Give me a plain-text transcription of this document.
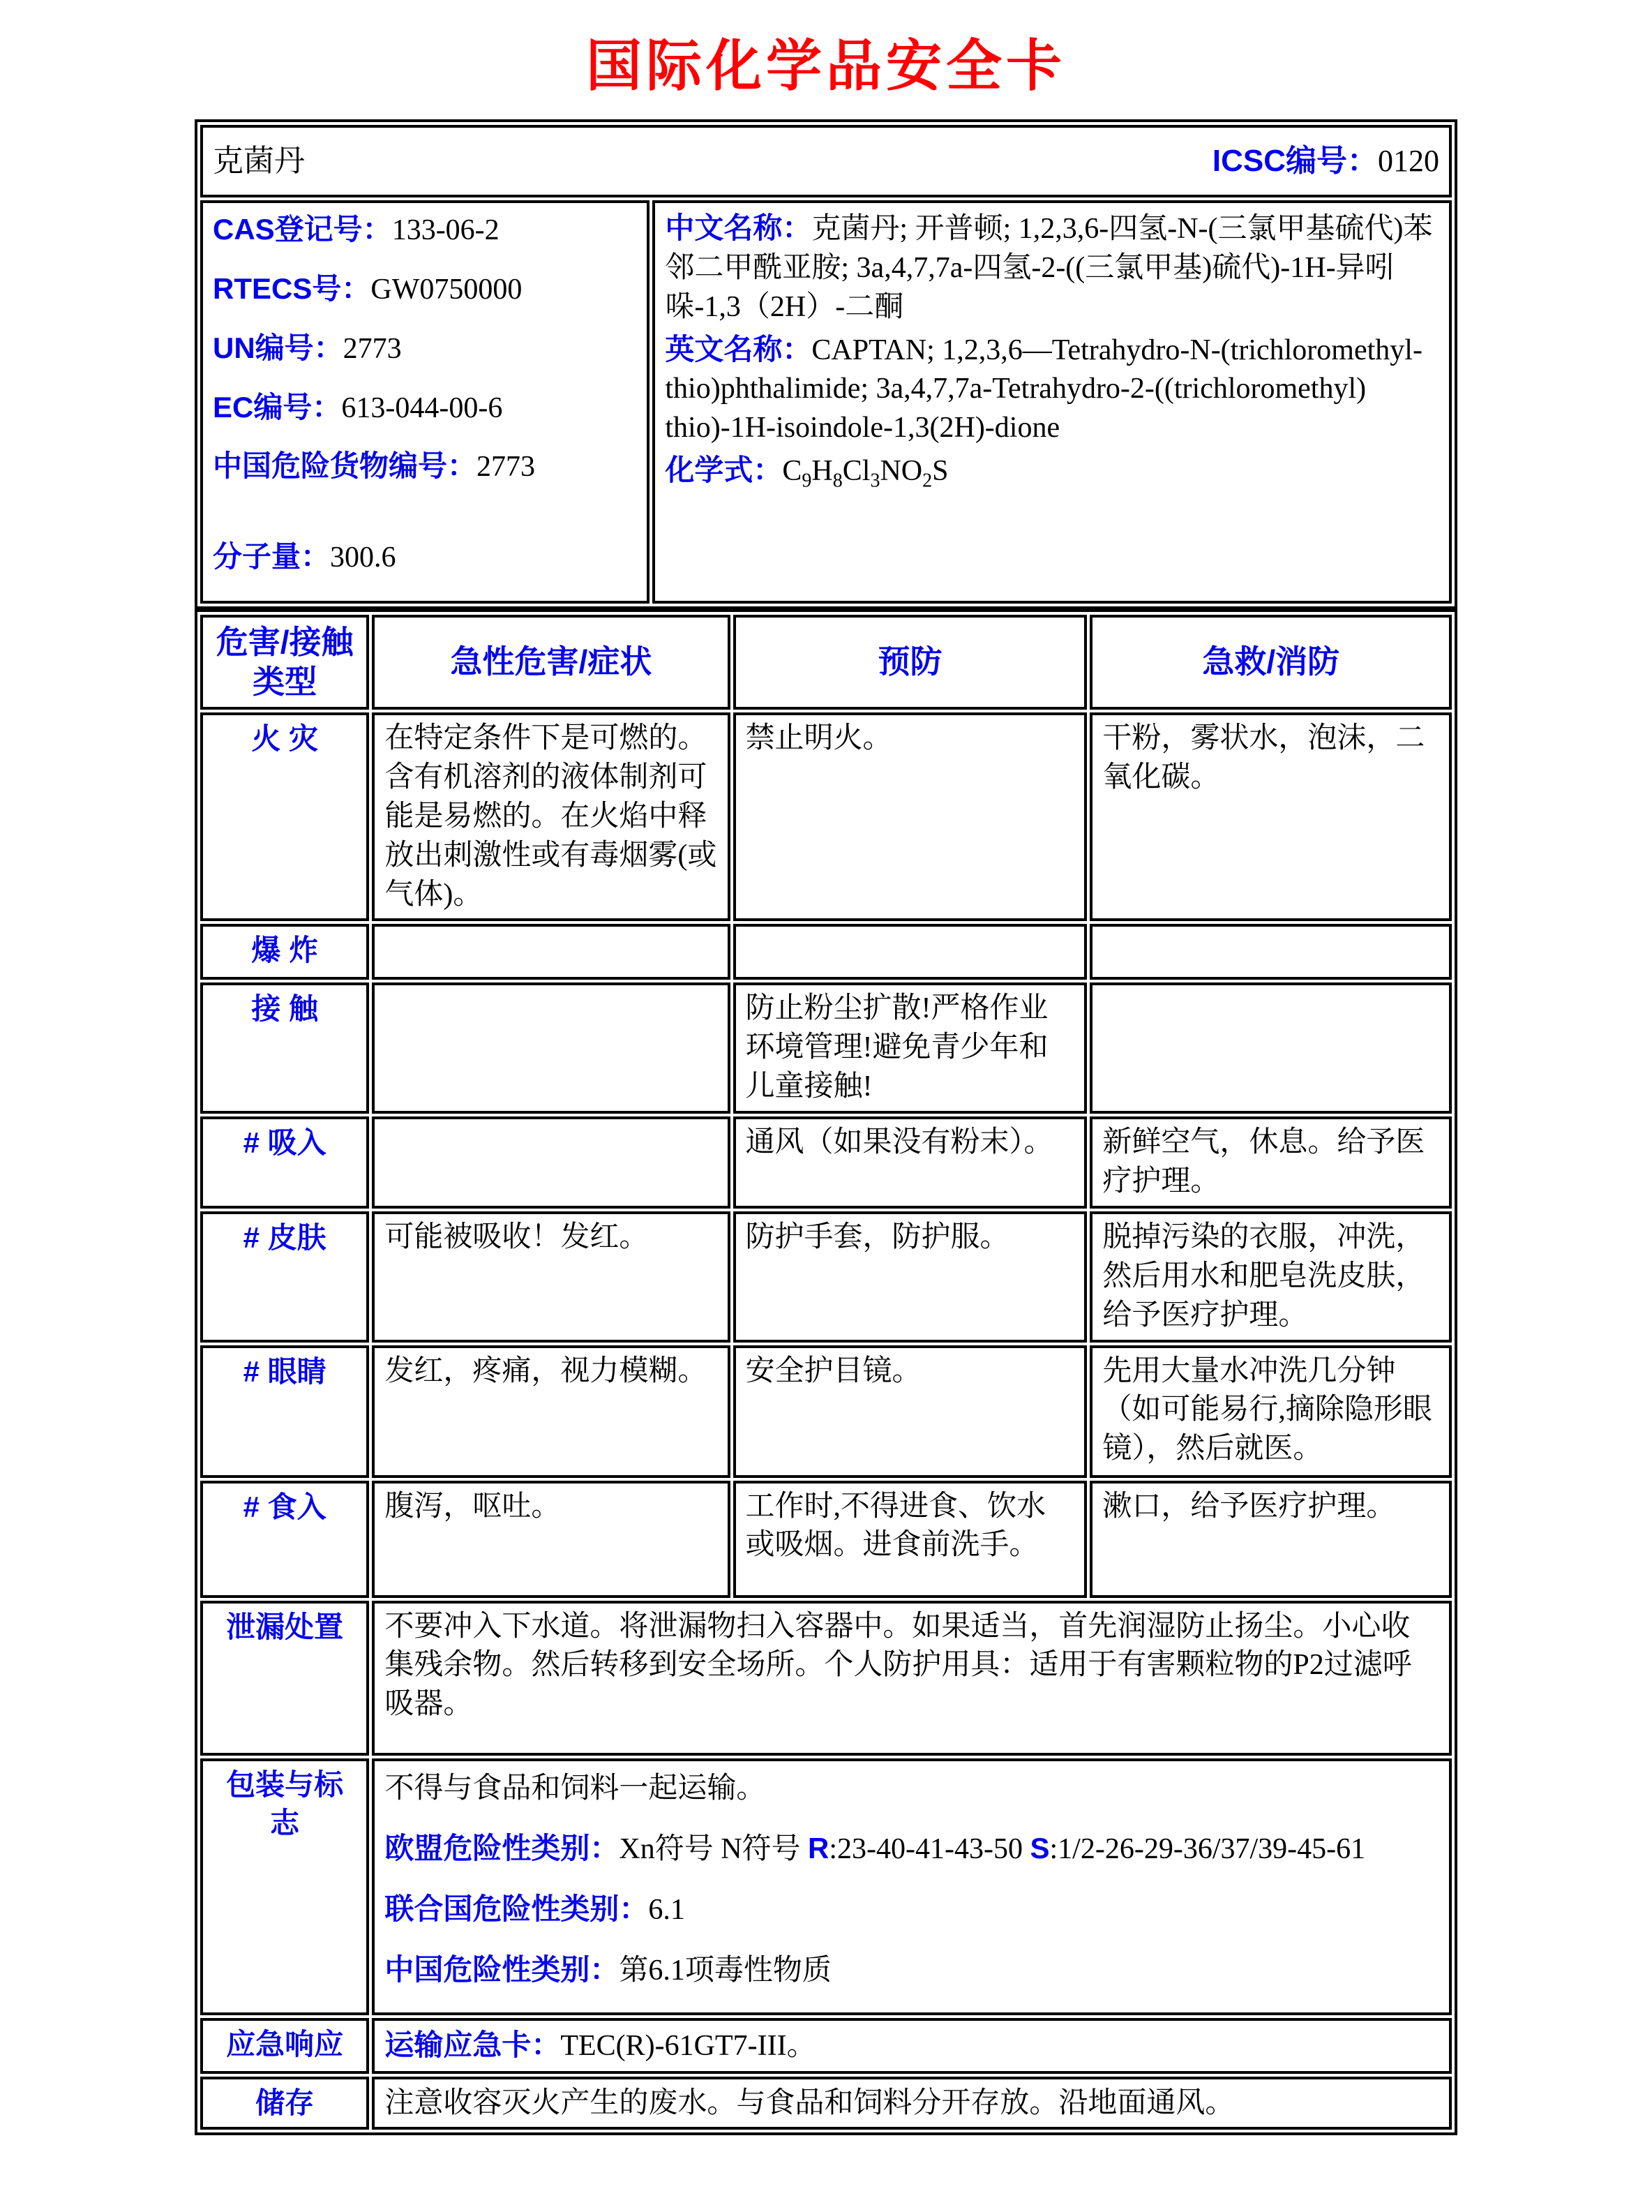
国际化学品安全卡
克菌丹	ICSC编号：0120

CAS登记号：133-06-2
RTECS号：GW0750000
UN编号：2773
EC编号：613-044-00-6
中国危险货物编号：2773
分子量：300.6

中文名称：克菌丹; 开普顿; 1,2,3,6-四氢-N-(三氯甲基硫代)苯邻二甲酰亚胺; 3a,4,7,7a-四氢-2-((三氯甲基)硫代)-1H-异吲哚-1,3（2H）-二酮

英文名称：CAPTAN; 1,2,3,6—Tetrahydro-N-(trichloromethyl- thio)phthalimide; 3a,4,7,7a-Tetrahydro-2-((trichloromethyl) thio)-1H-isoindole-1,3(2H)-dione

化学式：$C_9H_8Cl_3NO_2S$

危害/接触类型	急性危害/症状	预防	急救/消防
火 灾	在特定条件下是可燃的。含有机溶剂的液体制剂可能是易燃的。在火焰中释放出刺激性或有毒烟雾(或气体)。	禁止明火。	干粉，雾状水，泡沫，二氧化碳。
爆 炸			
接 触		防止粉尘扩散!严格作业环境管理!避免青少年和儿童接触!	
# 吸入		通风（如果没有粉末）。	新鲜空气，休息。给予医疗护理。
# 皮肤	可能被吸收！发红。	防护手套，防护服。	脱掉污染的衣服，冲洗，然后用水和肥皂洗皮肤，给予医疗护理。
# 眼睛	发红，疼痛，视力模糊。	安全护目镜。	先用大量水冲洗几分钟（如可能易行,摘除隐形眼镜），然后就医。
# 食入	腹泻，呕吐。	工作时,不得进食、饮水或吸烟。进食前洗手。	漱口，给予医疗护理。
泄漏处置	不要冲入下水道。将泄漏物扫入容器中。如果适当，首先润湿防止扬尘。小心收集残余物。然后转移到安全场所。个人防护用具：适用于有害颗粒物的P2过滤呼吸器。		
包装与标志	不得与食品和饲料一起运输。
欧盟危险性类别：Xn符号 N符号 R:23-40-41-43-50 S:1/2-26-29-36/37/39-45-61
联合国危险性类别：6.1
中国危险性类别：第6.1项毒性物质		

应急响应	运输应急卡：TEC(R)-61GT7-III。		
储存	注意收容灭火产生的废水。与食品和饲料分开存放。沿地面通风。		
